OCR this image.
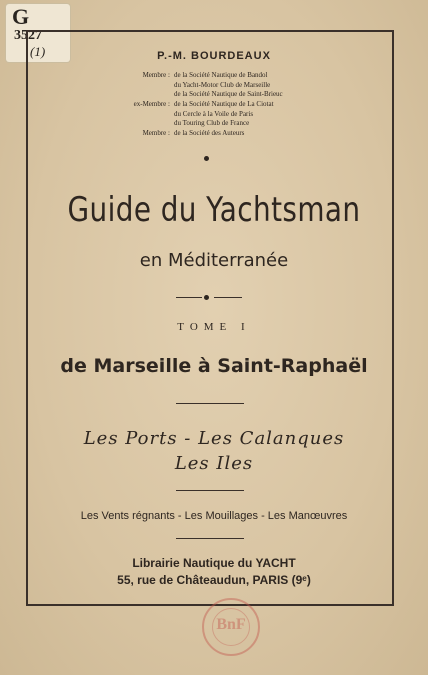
G
3527
(1)	P.-M. BOURDEAUX
Membre : de la Société Nautique de Bandol
du Yacht-Motor Club de Marseille
de la Société Nautique de Saint-Brieuc
ex-Membre : de la Société Nautique de La Ciotat
du Cercle à la Voile de Paris
du Touring Club de France
Membre : de la Société des Auteurs
Guide du Yachtsman
en Méditerranée
TOME I
de Marseille à Saint-Raphaël
Les Ports - Les Calanques
Les Iles
Les Vents régnants - Les Mouillages - Les Manœuvres
Librairie Nautique du YACHT
55, rue de Châteaudun, PARIS (9ᵉ)
BnF
